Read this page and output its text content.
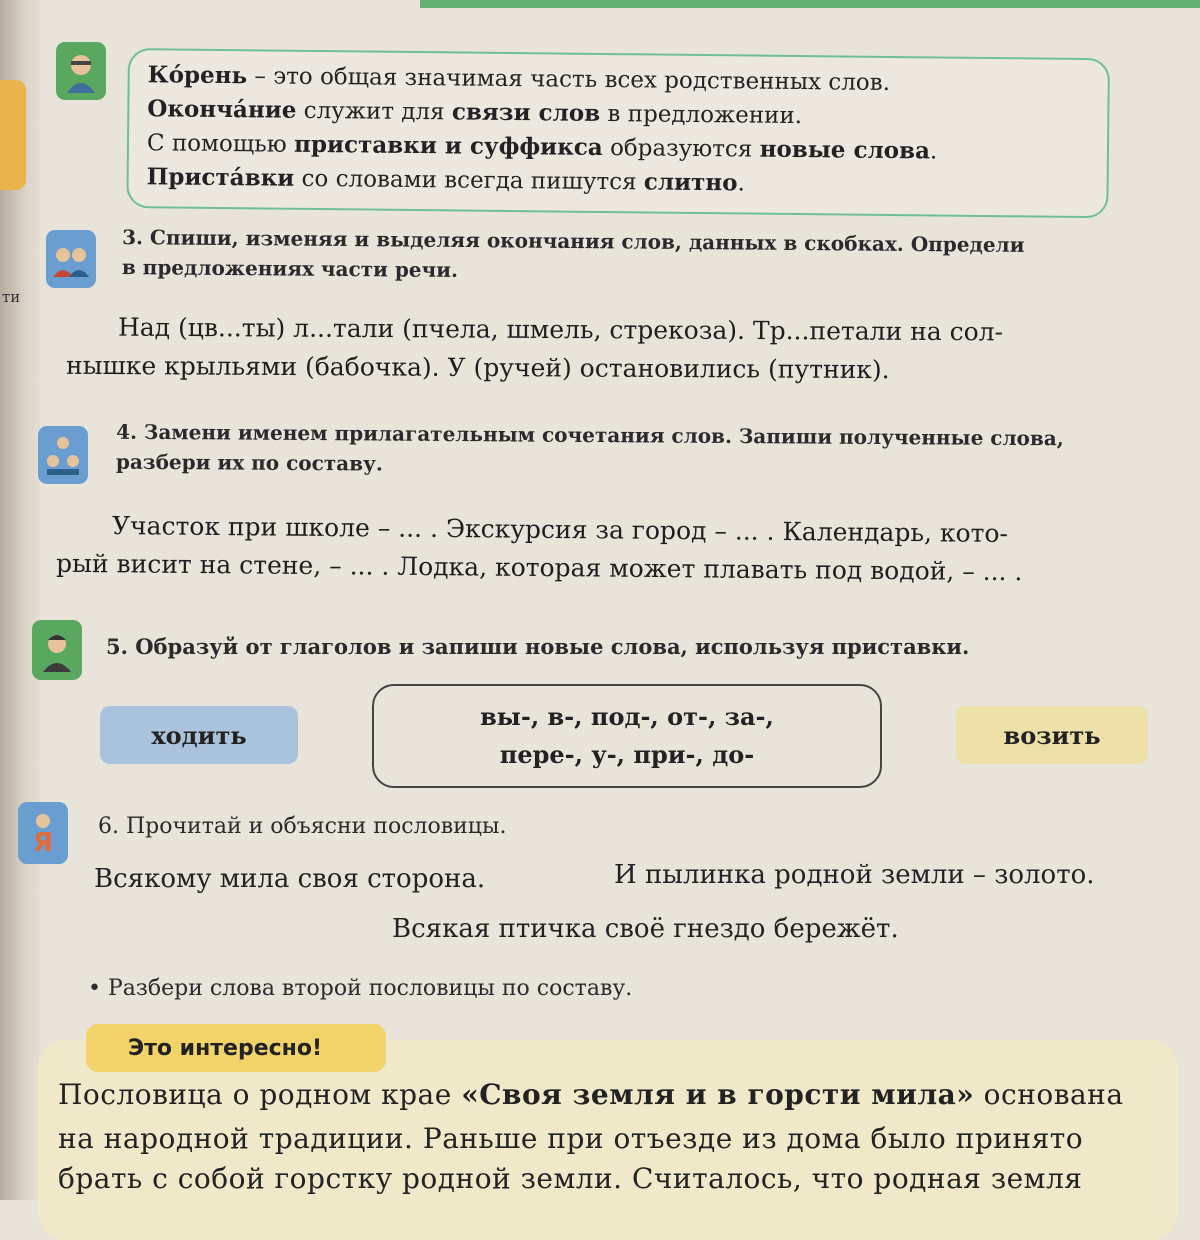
ти
Ко́рень – это общая значимая часть всех родственных слов.
Оконча́ние служит для связи слов в предложении.
С помощью приставки и суффикса образуются новые слова.
Приста́вки со словами всегда пишутся слитно.
3. Спиши, изменяя и выделяя окончания слов, данных в скобках. Определи
в предложениях части речи.
Над (цв...ты) л...тали (пчела, шмель, стрекоза). Тр...петали на сол-
нышке крыльями (бабочка). У (ручей) остановились (путник).
4. Замени именем прилагательным сочетания слов. Запиши полученные слова,
разбери их по составу.
Участок при школе – ... . Экскурсия за город – ... . Календарь, кото-
рый висит на стене, – ... . Лодка, которая может плавать под водой, – ... .
5. Образуй от глаголов и запиши новые слова, используя приставки.
ходить
вы-, в-, под-, от-, за-,
пере-, у-, при-, до-
возить
Я
6. Прочитай и объясни пословицы.
Всякому мила своя сторона.	И пылинка родной земли – золото.
Всякая птичка своё гнездо бережёт.
• Разбери слова второй пословицы по составу.
Это интересно!
Пословица о родном крае «Своя земля и в горсти мила» основана
на народной традиции. Раньше при отъезде из дома было принято
брать с собой горстку родной земли. Считалось, что родная земля
